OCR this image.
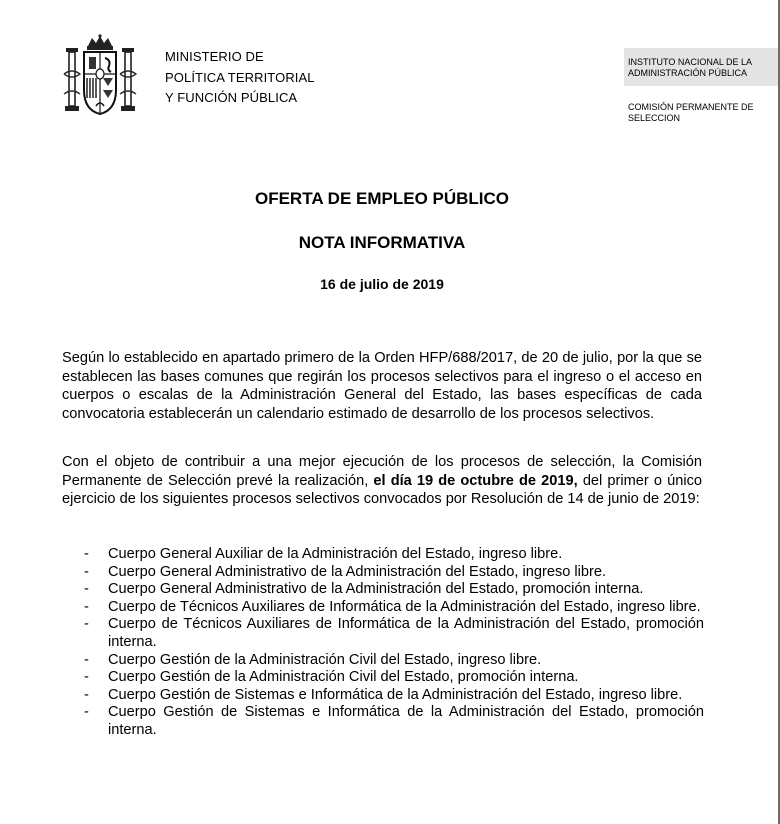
MINISTERIO DE
POLÍTICA TERRITORIAL
Y FUNCIÓN PÚBLICA
INSTITUTO NACIONAL DE LA
ADMINISTRACIÓN PÚBLICA
COMISIÓN PERMANENTE DE
SELECCION
OFERTA DE EMPLEO PÚBLICO
NOTA INFORMATIVA
16 de julio de 2019
Según lo establecido en apartado primero de la Orden HFP/688/2017, de 20 de julio, por la que se establecen las bases comunes que regirán los procesos selectivos para el ingreso o el acceso en cuerpos o escalas de la Administración General del Estado, las bases específicas de cada convocatoria establecerán un calendario estimado de desarrollo de los procesos selectivos.
Con el objeto de contribuir a una mejor ejecución de los procesos de selección, la Comisión Permanente de Selección prevé la realización, el día 19 de octubre de 2019, del primer o único ejercicio de los siguientes procesos selectivos convocados por Resolución de 14 de junio de 2019:
- Cuerpo General Auxiliar de la Administración del Estado, ingreso libre.
- Cuerpo General Administrativo de la Administración del Estado, ingreso libre.
- Cuerpo General Administrativo de la Administración del Estado, promoción interna.
- Cuerpo de Técnicos Auxiliares de Informática de la Administración del Estado, ingreso libre.
- Cuerpo de Técnicos Auxiliares de Informática de la Administración del Estado, promoción interna.
- Cuerpo Gestión de la Administración Civil del Estado, ingreso libre.
- Cuerpo Gestión de la Administración Civil del Estado, promoción interna.
- Cuerpo Gestión de Sistemas e Informática de la Administración del Estado, ingreso libre.
- Cuerpo Gestión de Sistemas e Informática de la Administración del Estado, promoción interna.
